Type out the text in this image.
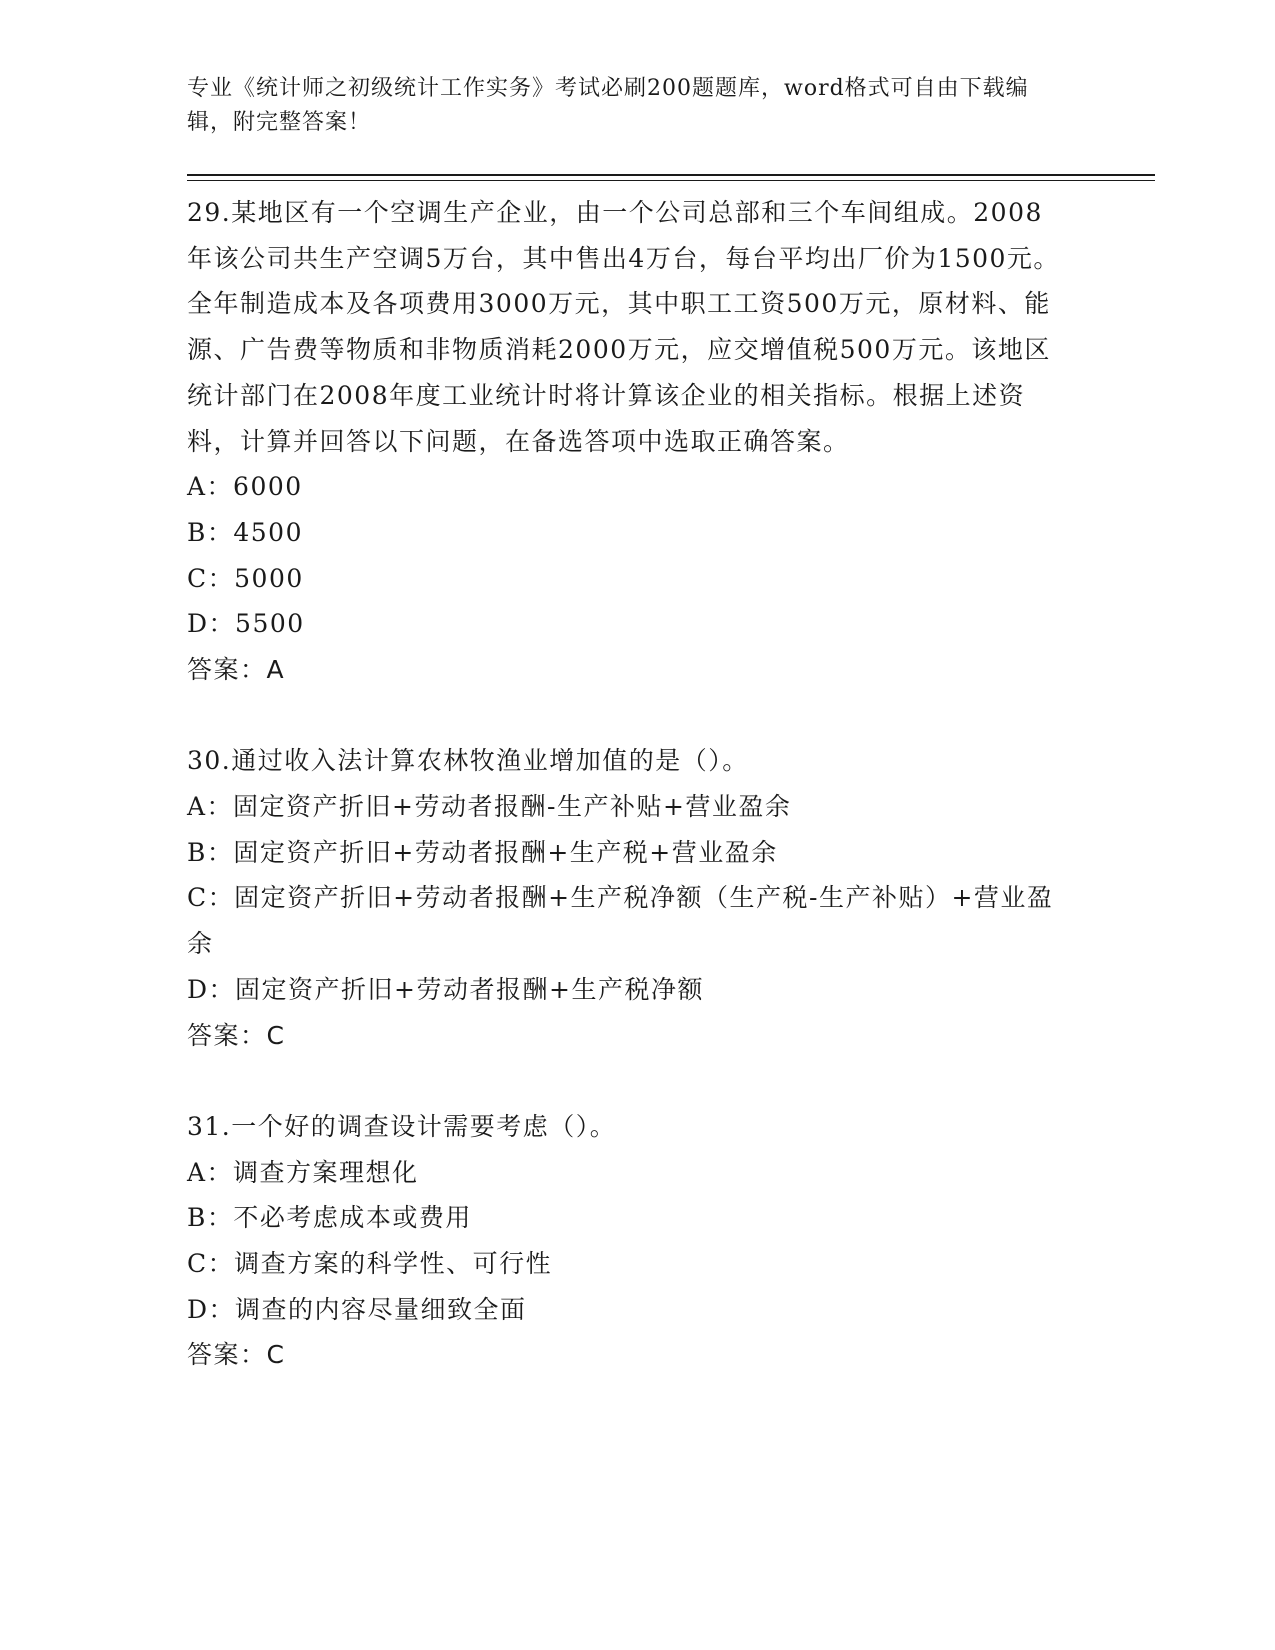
专业《统计师之初级统计工作实务》考试必刷200题题库，word格式可自由下载编辑，附完整答案！
29.某地区有一个空调生产企业，由一个公司总部和三个车间组成。2008年该公司共生产空调5万台，其中售出4万台，每台平均出厂价为1500元。全年制造成本及各项费用3000万元，其中职工工资500万元，原材料、能源、广告费等物质和非物质消耗2000万元，应交增值税500万元。该地区统计部门在2008年度工业统计时将计算该企业的相关指标。根据上述资料，计算并回答以下问题，在备选答项中选取正确答案。
A：6000
B：4500
C：5000
D：5500
答案：A
30.通过收入法计算农林牧渔业增加值的是（）。
A：固定资产折旧+劳动者报酬-生产补贴+营业盈余
B：固定资产折旧+劳动者报酬+生产税+营业盈余
C：固定资产折旧+劳动者报酬+生产税净额（生产税-生产补贴）+营业盈余
D：固定资产折旧+劳动者报酬+生产税净额
答案：C
31.一个好的调查设计需要考虑（）。
A：调查方案理想化
B：不必考虑成本或费用
C：调查方案的科学性、可行性
D：调查的内容尽量细致全面
答案：C
